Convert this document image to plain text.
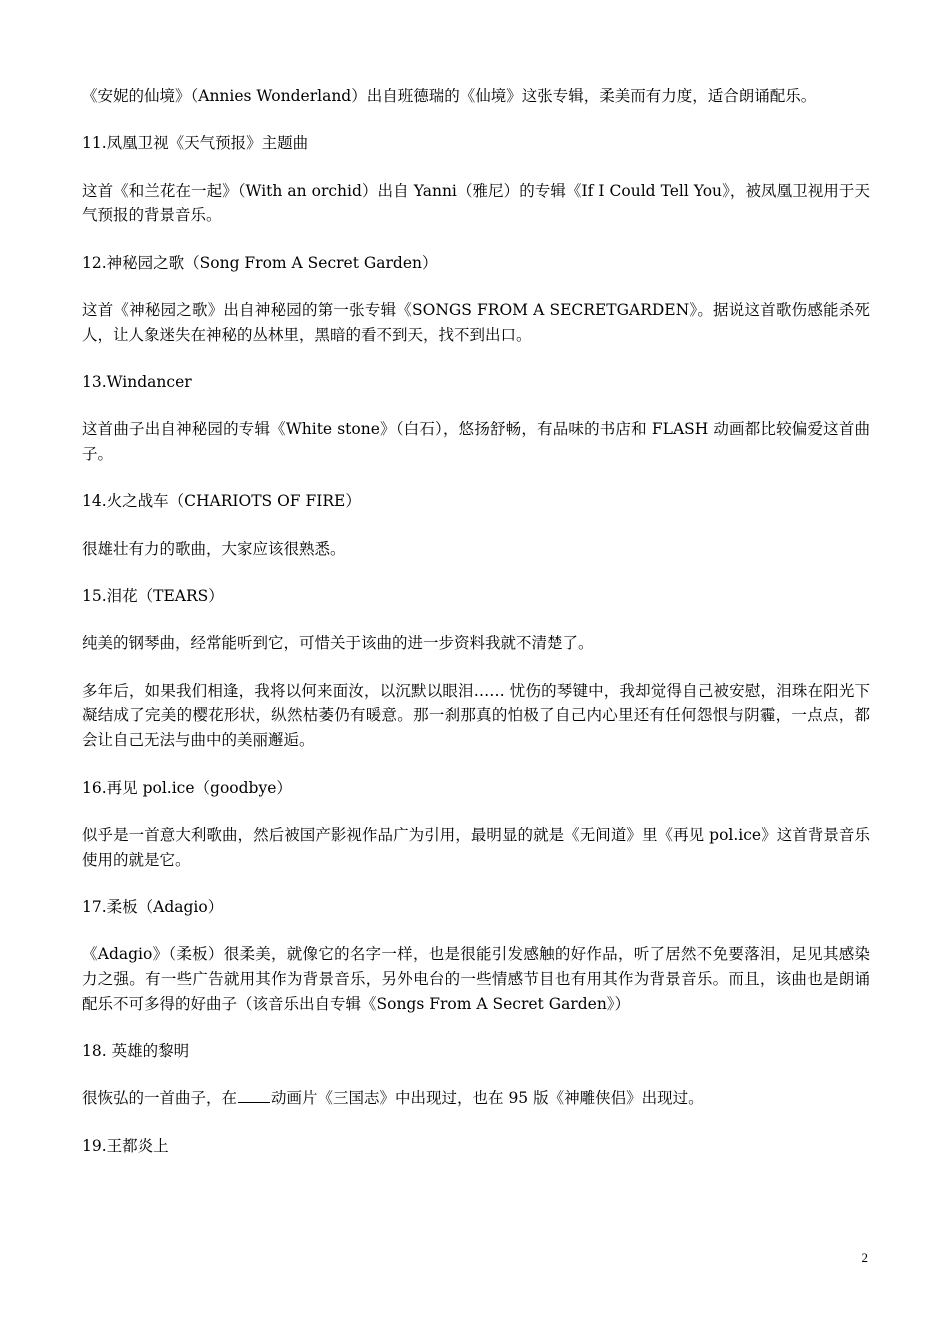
《安妮的仙境》（Annies Wonderland）出自班德瑞的《仙境》这张专辑，柔美而有力度，适合朗诵配乐。

11.凤凰卫视《天气预报》主题曲

这首《和兰花在一起》（With an orchid）出自 Yanni（雅尼）的专辑《If I Could Tell You》，被凤凰卫视用于天气预报的背景音乐。

12.神秘园之歌（Song From A Secret Garden）

这首《神秘园之歌》出自神秘园的第一张专辑《SONGS FROM A SECRETGARDEN》。据说这首歌伤感能杀死人，让人象迷失在神秘的丛林里，黑暗的看不到天，找不到出口。

13.Windancer

这首曲子出自神秘园的专辑《White stone》（白石），悠扬舒畅，有品味的书店和 FLASH 动画都比较偏爱这首曲子。

14.火之战车（CHARIOTS OF FIRE）

很雄壮有力的歌曲，大家应该很熟悉。

15.泪花（TEARS）

纯美的钢琴曲，经常能听到它，可惜关于该曲的进一步资料我就不清楚了。

多年后，如果我们相逢，我将以何来面汝，以沉默以眼泪…… 忧伤的琴键中，我却觉得自己被安慰，泪珠在阳光下凝结成了完美的樱花形状，纵然枯萎仍有暖意。那一刹那真的怕极了自己内心里还有任何怨恨与阴霾，一点点，都会让自己无法与曲中的美丽邂逅。

16.再见 pol.ice（goodbye）

似乎是一首意大利歌曲，然后被国产影视作品广为引用，最明显的就是《无间道》里《再见 pol.ice》这首背景音乐使用的就是它。

17.柔板（Adagio）

《Adagio》（柔板）很柔美，就像它的名字一样，也是很能引发感触的好作品，听了居然不免要落泪，足见其感染力之强。有一些广告就用其作为背景音乐，另外电台的一些情感节目也有用其作为背景音乐。而且，该曲也是朗诵配乐不可多得的好曲子（该音乐出自专辑《Songs From A Secret Garden》）

18. 英雄的黎明

很恢弘的一首曲子，在 动画片《三国志》中出现过，也在 95 版《神雕侠侣》出现过。

19.王都炎上

2
